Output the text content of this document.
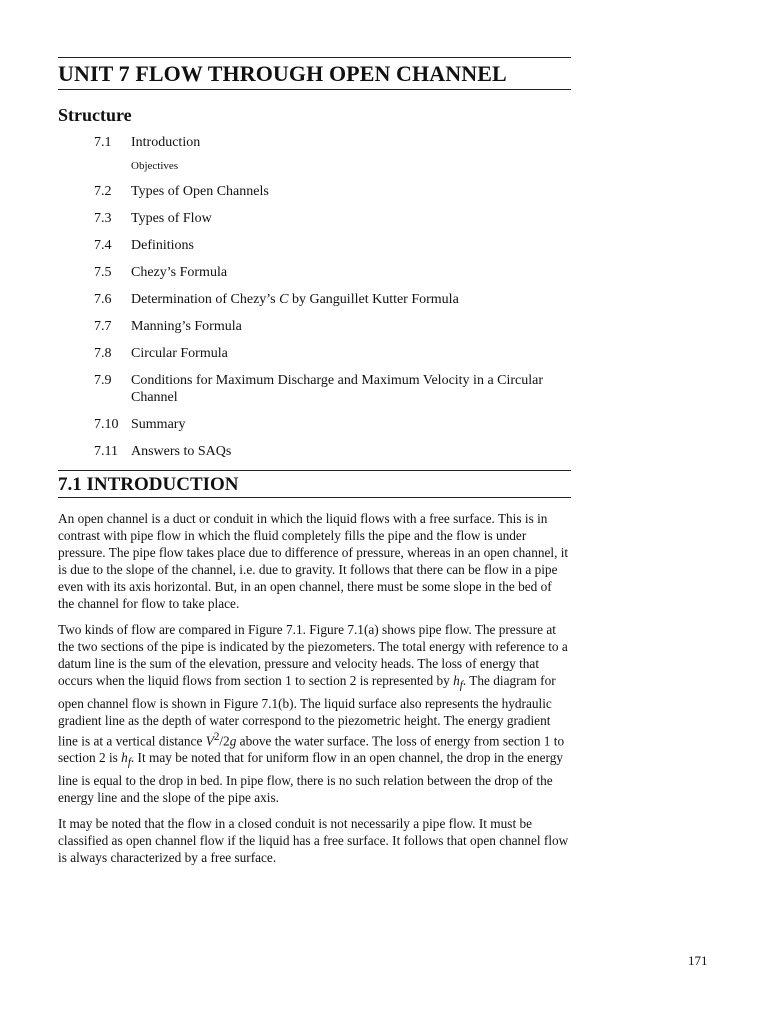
UNIT 7 FLOW THROUGH OPEN CHANNEL
Structure
7.1	Introduction
Objectives
7.2	Types of Open Channels
7.3	Types of Flow
7.4	Definitions
7.5	Chezy’s Formula
7.6	Determination of Chezy’s C by Ganguillet Kutter Formula
7.7	Manning’s Formula
7.8	Circular Formula
7.9	Conditions for Maximum Discharge and Maximum Velocity in a Circular Channel
7.10 Summary
7.11 Answers to SAQs
7.1 INTRODUCTION

An open channel is a duct or conduit in which the liquid flows with a free surface. This is in contrast with pipe flow in which the fluid completely fills the pipe and the flow is under pressure. The pipe flow takes place due to difference of pressure, whereas in an open channel, it is due to the slope of the channel, i.e. due to gravity. It follows that there can be flow in a pipe even with its axis horizontal. But, in an open channel, there must be some slope in the bed of the channel for flow to take place.

Two kinds of flow are compared in Figure 7.1. Figure 7.1(a) shows pipe flow. The pressure at the two sections of the pipe is indicated by the piezometers. The total energy with reference to a datum line is the sum of the elevation, pressure and velocity heads. The loss of energy that occurs when the liquid flows from section 1 to section 2 is represented by $h_f$. The diagram for open channel flow is shown in Figure 7.1(b). The liquid surface also represents the hydraulic gradient line as the depth of water correspond to the piezometric height. The energy gradient line is at a vertical distance $V^2/2g$ above the water surface. The loss of energy from section 1 to section 2 is $h_f$. It may be noted that for uniform flow in an open channel, the drop in the energy line is equal to the drop in bed. In pipe flow, there is no such relation between the drop of the energy line and the slope of the pipe axis.

It may be noted that the flow in a closed conduit is not necessarily a pipe flow. It must be classified as open channel flow if the liquid has a free surface. It follows that open channel flow is always characterized by a free surface.

171
